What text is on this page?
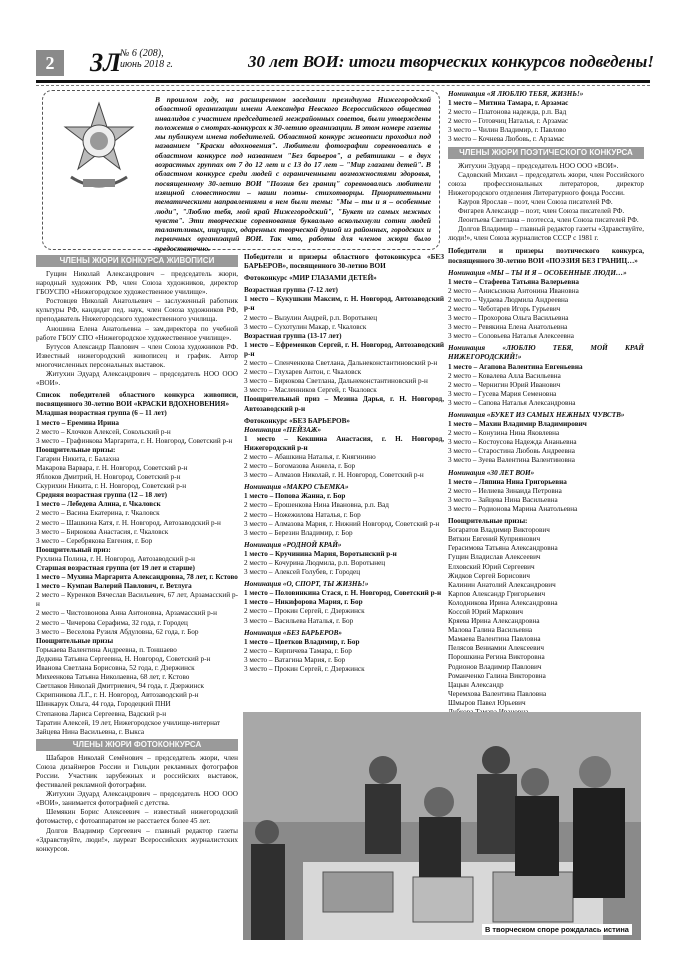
2	ЗЛ
№ 6 (208),
июнь 2018 г.	30 лет ВОИ: итоги творческих конкурсов подведены!

В прошлом году, на расширенном заседании президиума Нижегородской областной организации имени Александра Невского Всероссийского общества инвалидов с участием председателей межрайонных советов, были утверждены положения о смотрах-конкурсах к 30-летию организации. В этом номере газеты мы публикуем имена победителей. Областной конкурс живописи проходил под названием "Краски вдохновения". Любители фотографии соревновались в областном конкурсе под названием "Без барьеров", а ребятишки – в двух возрастных группах от 7 до 12 лет и с 13 до 17 лет – "Мир глазами детей". В областном конкурсе среди людей с ограниченными возможностями здоровья, посвященному 30-летию ВОИ "Поэзия без границ" соревновались любители изящной словестности – наши поэты- стихотворцы. Приоритетными тематическими направлениями в нем были темы: "Мы – ты и я – особенные люди", "Люблю тебя, мой край Нижегородский", "Букет из самых нежных чувств". Эти творческие соревнования буквально всколыхнули сотни людей талантливых, ищущих, одаренных творческой душой из районных, городских и первичных организаций ВОИ. Так что, работы для членов жюри было предостаточно.

ЧЛЕНЫ ЖЮРИ КОНКУРСА ЖИВОПИСИ

Гущин Николай Александрович – председатель жюри, народный художник РФ, член Союза художников, директор ГБОУСПО «Нижегородское художественное училище».

Ростовцев Николай Анатольевич – заслуженный работник культуры РФ, кандидат пед. наук, член Союза художников РФ, преподаватель Нижегородского художественного училища.

Аношина Елена Анатольевна – зам.директора по учебной работе ГБОУ СПО «Нижегородское художественное училище».

Бутусов Александр Павлович – член Союза художников РФ. Известный нижегородский живописец и график. Автор многочисленных персональных выставок.

Житухин Эдуард Александрович – председатель НОО ООО «ВОИ».

Список победителей областного конкурса живописи, посвященного 30-летию ВОИ «КРАСКИ ВДОХНОВЕНИЯ»

Младшая возрастная группа (6 – 11 лет)

1 место – Еремина Ирина

2 место – Клочков Алексей, Сокольский р-н

3 место – Графинкова Маргарита, г. Н. Новгород, Советский р-н

Поощрительные призы:

Гагарин Никита, г. Балахна

Макарова Варвара, г. Н. Новгород, Советский р-н

Яблоков Дмитрий, Н. Новгород, Советский р-н

Скурихин Никита, г. Н. Новгород, Советский р-н

Средняя возрастная группа (12 – 18 лет)

1 место – Лебедева Алина, г. Чкаловск

2 место – Васина Екатерина, г. Чкаловск

2 место – Шашкина Катя, г. Н. Новгород, Автозаводский р-н

3 место – Бирюкова Анастасия, г. Чкаловск

3 место – Серебрякова Евгения, г. Бор

Поощрительный приз:

Рухлина Полина, г. Н. Новгород, Автозаводский р-н

Старшая возрастная группа (от 19 лет и старше)

1 место – Мухина Маргарита Александровна, 78 лет, г. Кстово

1 место – Кумпан Валерий Павлович, г. Ветлуга

2 место – Куренков Вячеслав Васильевич, 67 лет, Арзамасский р-н

2 место – Чистозвонова Анна Антоновна, Арзамасский р-н

2 место – Чичерова Серафима, 32 года, г. Городец

3 место – Веселова Рузиля Абдуловна, 62 года, г. Бор

Поощрительные призы

Горькаева Валентина Андреевна, п. Тоншаево

Дедкина Татьяна Сергеевна, Н. Новгород, Советский р-н

Иванова Светлана Борисовна, 52 года, г. Дзержинск

Михеенкова Татьяна Николаевна, 68 лет, г. Кстово

Светлаков Николай Дмитриевич, 94 года, г. Дзержинск

Скрипникова Л.Г., г. Н. Новгород, Автозаводский р-н

Шинкарук Ольга, 44 года, Городецкий ПНИ

Степанова Лариса Сергеевна, Вадский р-н

Таратин Алексей, 19 лет, Нижегородское училище-интернат

Зайцева Нина Васильевна, г. Выкса

ЧЛЕНЫ ЖЮРИ ФОТОКОНКУРСА

Шабаров Николай Семёнович – председатель жюри, член Союза дизайнеров России и Гильдии рекламных фотографов России. Участник зарубежных и российских выставок, фестивалей рекламной фотографии.

Житухин Эдуард Александрович – председатель НОО ООО «ВОИ», занимается фотографией с детства.

Шемякин Борис Алексеевич – известный нижегородский фотомастер, с фотоаппаратом не расстается более 45 лет.

Долгов Владимир Сергеевич – главный редактор газеты «Здравствуйте, люди!», лауреат Всероссийских журналистских конкурсов.

Победители и призеры областного фотоконкурса «БЕЗ БАРЬЕРОВ», посвященного 30-летию ВОИ

Фотоконкурс «МИР ГЛАЗАМИ ДЕТЕЙ»

Возрастная группа (7-12 лет)

1 место – Кукушкин Максим, г. Н. Новгород, Автозаводский р-н

2 место – Вызулин Андрей, р.п. Воротынец

3 место – Сухотулин Макар, г. Чкаловск

Возрастная группа (13-17 лет)

1 место – Ефременков Сергей, г. Н. Новгород, Автозаводский р-н

2 место – Спенченкова Светлана, Дальнеконстантиновский р-н

2 место – Глухарев Антон, г. Чкаловск

3 место – Бирюкова Светлана, Дальнеконстантиновский р-н

3 место – Масленников Сергей, г. Чкаловск

Поощрительный приз – Мезина Дарья, г. Н. Новгород, Автозаводский р-н

Фотоконкурс «БЕЗ БАРЬЕРОВ»

Номинация «ПЕЙЗАЖ»

1 место – Кекшина Анастасия, г. Н. Новгород, Нижегородский р-н

2 место – Абашкина Наталья, г. Княгинино

2 место – Богомазова Анжела, г. Бор

3 место – Алмазов Николай, г. Н. Новгород, Советский р-н

Номинация «МАКРО СЪЕМКА»

1 место – Попова Жанна, г. Бор

2 место – Ерошенкова Нина Ивановна, р.п. Вад

2 место – Ножежилова Наталья, г. Бор

3 место – Алмазова Мария, г. Нижний Новгород, Советский р-н

3 место – Березин Владимир, г. Бор

Номинация «РОДНОЙ КРАЙ»

1 место – Кручинина Мария, Воротынский р-н

2 место – Кочурина Людмила, р.п. Воротынец

3 место – Алексей Голубев, г. Городец

Номинация «О, СПОРТ, ТЫ ЖИЗНЬ!»

1 место – Половинкина Стася, г. Н. Новгород, Советский р-н

1 место – Никифорова Мария, г. Бор

2 место – Прокин Сергей, г. Дзержинск

3 место – Васильева Наталья, г. Бор

Номинация «БЕЗ БАРЬЕРОВ»

1 место – Цветков Владимир, г. Бор

2 место – Кирпичева Тамара, г. Бор

3 место – Ватагина Мария, г. Бор

3 место – Прокин Сергей, г. Дзержинск

Номинация «Я ЛЮБЛЮ ТЕБЯ, ЖИЗНЬ!»

1 место – Митина Тамара, г. Арзамас

2 место – Платонова надежда, р.п. Вад

2 место – Готовчиц Наталья, г. Арзамас

3 место – Чилин Владимир, г. Павлово

3 место – Кочнева Любовь, г. Арзамас

ЧЛЕНЫ ЖЮРИ ПОЭТИЧЕСКОГО КОНКУРСА

Житухин Эдуард – председатель НОО ООО «ВОИ».

Садовский Михаил – председатель жюри, член Российского союза профессиональных литераторов, директор Нижегородского отделения Литературного фонда России.

Кауров Ярослав – поэт, член Союза писателей РФ.

Фигарев Александр – поэт, член Союза писателей РФ.

Леонтьева Светлана – поэтесса, член Союза писателей РФ.

Долгов Владимир – главный редактор газеты «Здравствуйте, люди!», член Союза журналистов СССР с 1981 г.

Победители и призеры поэтического конкурса, посвященного 30-летию ВОИ «ПОЭЗИЯ БЕЗ ГРАНИЦ…»

Номинация «МЫ – ТЫ И Я – ОСОБЕННЫЕ ЛЮДИ…»

1 место – Стафеева Татьяна Валерьевна

2 место – Анисьсикна Антонина Ивановна

2 место – Чудаева Людмила Андреевна

2 место – Чеботарев Игорь Гурьевич

3 место – Прохорова Ольга Васильевна

3 место – Ревякина Елена Анатольевна

3 место – Соловьева Наталья Алексеевна

Номинация «ЛЮБЛЮ ТЕБЯ, МОЙ КРАЙ НИЖЕГОРОДСКИЙ!»

1 место – Агапова Валентина Евгеньевна

2 место – Ковалева Алла Васильевна

2 место – Чернигин Юрий Иванович

3 место – Гусева Мария Семеновна

3 место – Сапова Наталья Александровна

Номинация «БУКЕТ ИЗ САМЫХ НЕЖНЫХ ЧУВСТВ»

1 место – Махин Владимир Владимирович

2 место – Конузина Нина Яковлевна

3 место – Костоусова Надежда Ананьевна

3 место – Старостина Любовь Андреевна

3 место – Зуева Валентина Валентиновна

Номинация «30 ЛЕТ ВОИ»

1 место – Ляпина Нина Григорьевна

2 место – Иелиева Зинаида Петровна

3 место – Зайцева Нина Васильевна

3 место – Родионова Марина Анатольевна

Поощрительные призы:

Богаратов Владимир Викторович

Вяткин Евгений Куприянович

Герасимова Татьяна Александровна

Гущин Владислав Алексеевич

Елховский Юрий Сергеевич

Жидков Сергей Борисович

Калинин Анатолий Александрович

Карпов Александр Григорьевич

Колодникова Ирина Александровна

Коссой Юрий Маркович

Кряева Ирина Александровна

Малова Галина Васильевна

Мамаева Валентина Павловна

Пелясов Вениамин Алексеевич

Порошкина Регина Викторовна

Родионов Владимир Павлович

Романченко Галина Викторовна

Цацын Александр

Черемхова Валентина Павловна

Шмыров Павел Юрьевич

В творческом споре рождалась истина
